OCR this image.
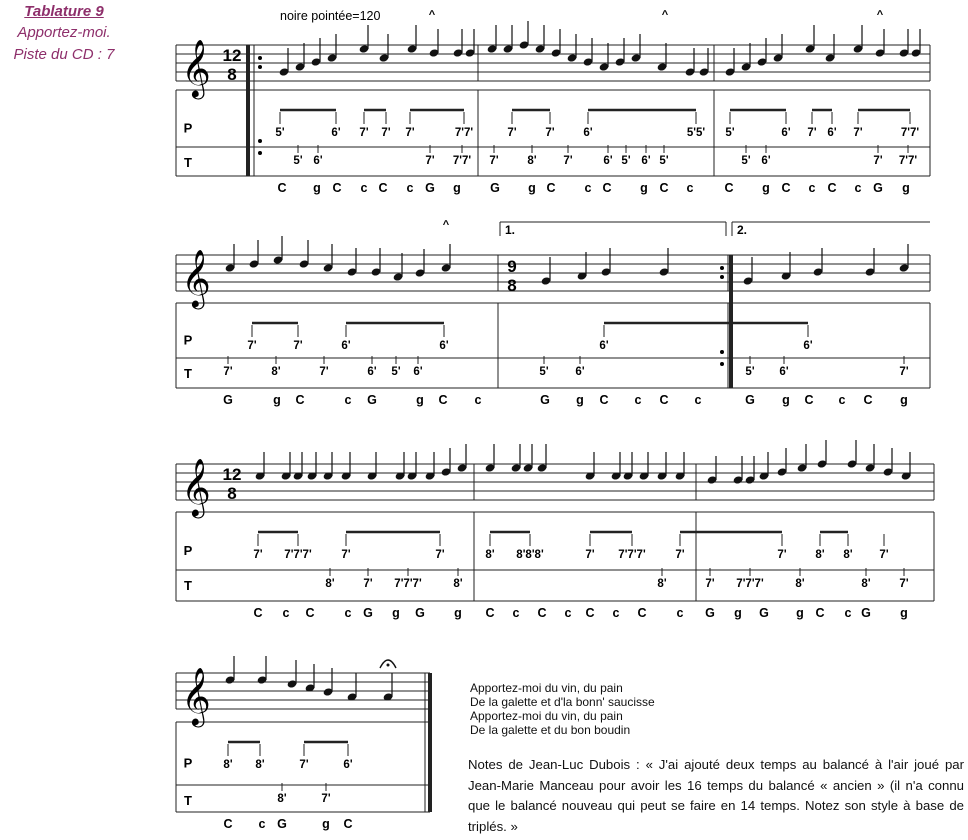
Tablature 9
Apportez-moi.
Piste du CD : 7
noire pointée=120
𝄞
P
T
12
8
𝄞
P
T
𝄞
P
T
12
8
𝄞
P
T
1.	2.
9
8
^	^	^
^
5'	6' 7' 7' 7'	7'7'	7'	7'	6'	5'5' 5'	6' 7' 6' 7'	7'7'
5' 6'	7' 7'7' 7'	8' 7'	6' 5' 6' 5'	5' 6'	7' 7'7'
C g C c C c G g G g C c C g C c C g C c C c G g
7'	7'	6'	6'	6'	6'
7'	8'	7'	6' 5' 6'	5' 6'	5' 6'	7'
G	g C	c G	g C c	G g C c C c	G g C c C g
7' 7'7'7'	7'	7'	8' 8'8'8'	7' 7'7'7'	7'	7'	8' 8' 7'
8'	7' 7'7'7'	8'	8'	7' 7'7'7'	8'	8'	7'
C c C c G g G g C c C c C c C c G g G g C c G g
8' 8'	7'	6'
8'	7'
C c G	g C
Apportez-moi du vin, du pain
De la galette et d'la bonn' saucisse
Apportez-moi du vin, du pain
De la galette et du bon boudin
Notes de Jean-Luc Dubois : « J'ai ajouté deux temps au balancé à l'air joué par Jean-Marie Manceau pour avoir les 16 temps du balancé « ancien » (il n'a connu que le balancé nouveau qui peut se faire en 14 temps. Notez son style à base de triplés. »
